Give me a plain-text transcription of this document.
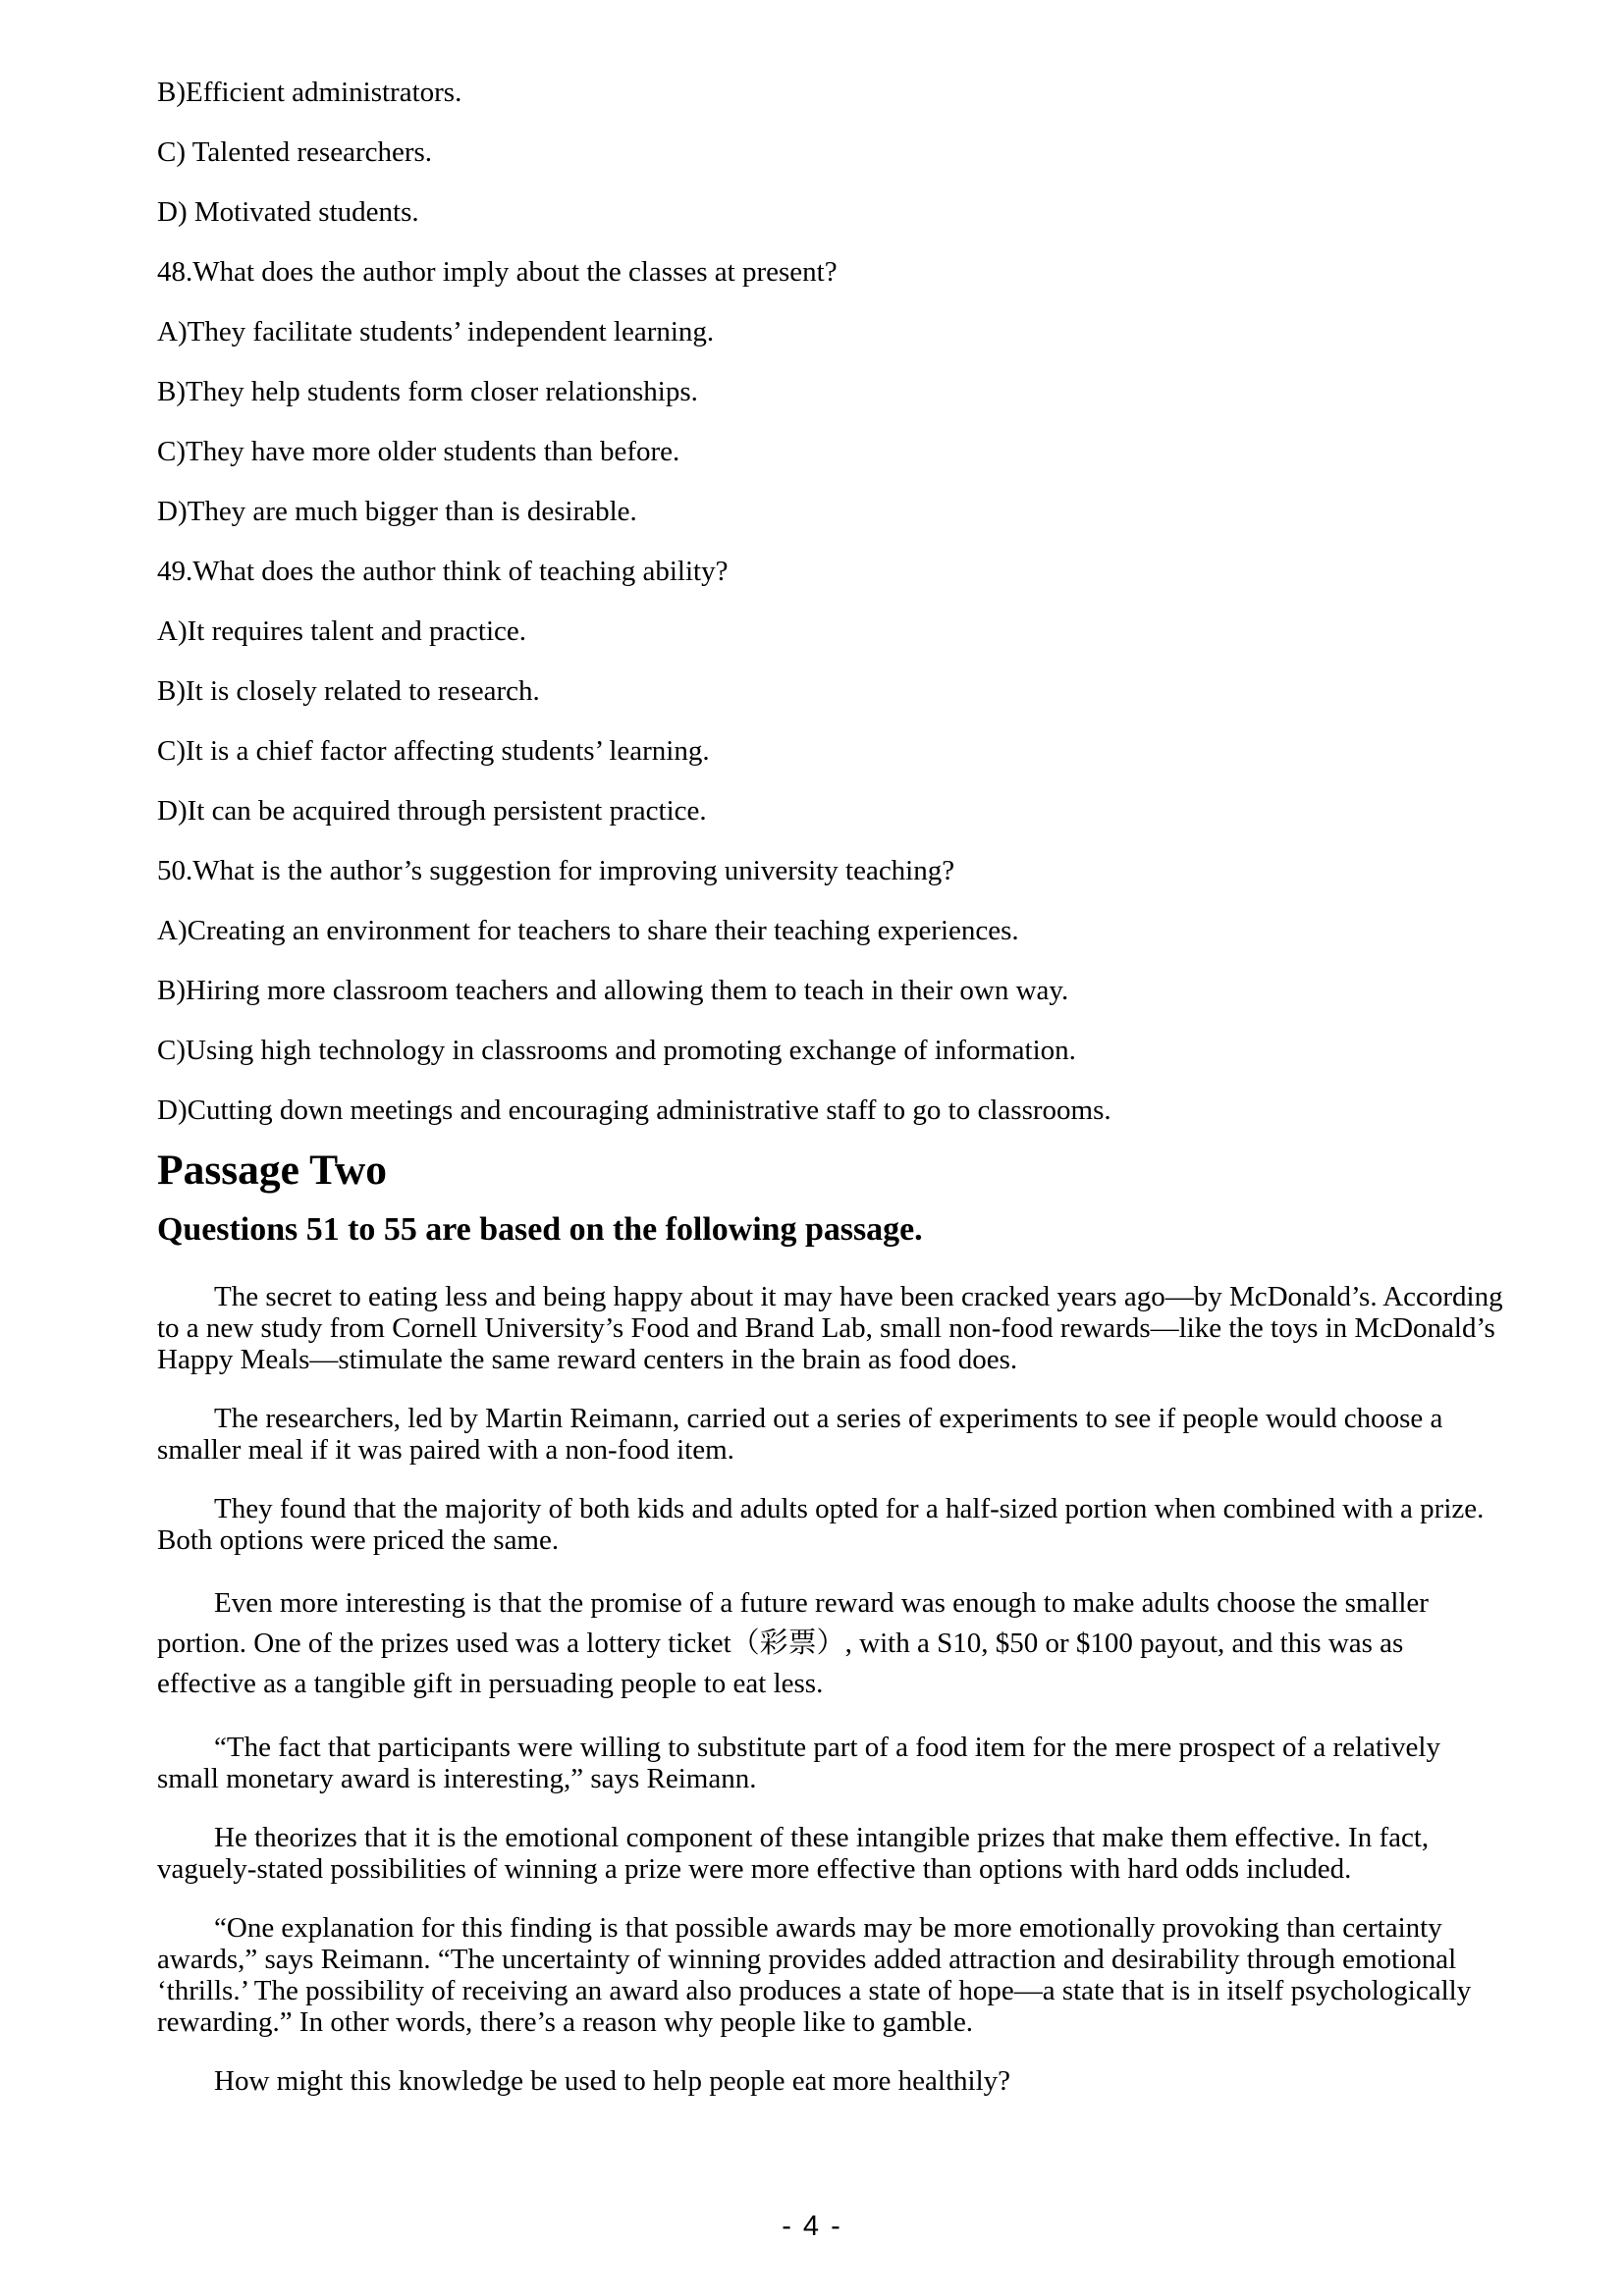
B)Efficient administrators.

C) Talented researchers.

D) Motivated students.

48.What does the author imply about the classes at present?

A)They facilitate students’ independent learning.

B)They help students form closer relationships.

C)They have more older students than before.

D)They are much bigger than is desirable.

49.What does the author think of teaching ability?

A)It requires talent and practice.

B)It is closely related to research.

C)It is a chief factor affecting students’ learning.

D)It can be acquired through persistent practice.

50.What is the author’s suggestion for improving university teaching?

A)Creating an environment for teachers to share their teaching experiences.

B)Hiring more classroom teachers and allowing them to teach in their own way.

C)Using high technology in classrooms and promoting exchange of information.

D)Cutting down meetings and encouraging administrative staff to go to classrooms.

Passage Two
Questions 51 to 55 are based on the following passage.

The secret to eating less and being happy about it may have been cracked years ago—by McDonald’s. According to a new study from Cornell University’s Food and Brand Lab, small non-food rewards—like the toys in McDonald’s Happy Meals—stimulate the same reward centers in the brain as food does.

The researchers, led by Martin Reimann, carried out a series of experiments to see if people would choose a smaller meal if it was paired with a non-food item.

They found that the majority of both kids and adults opted for a half-sized portion when combined with a prize. Both options were priced the same.

Even more interesting is that the promise of a future reward was enough to make adults choose the smaller portion. One of the prizes used was a lottery ticket（彩票）, with a S10, $50 or $100 payout, and this was as effective as a tangible gift in persuading people to eat less.

“The fact that participants were willing to substitute part of a food item for the mere prospect of a relatively small monetary award is interesting,” says Reimann.

He theorizes that it is the emotional component of these intangible prizes that make them effective. In fact, vaguely-stated possibilities of winning a prize were more effective than options with hard odds included.

“One explanation for this finding is that possible awards may be more emotionally provoking than certainty awards,” says Reimann. “The uncertainty of winning provides added attraction and desirability through emotional ‘thrills.’ The possibility of receiving an award also produces a state of hope—a state that is in itself psychologically rewarding.” In other words, there’s a reason why people like to gamble.

How might this knowledge be used to help people eat more healthily?

- 4 -
